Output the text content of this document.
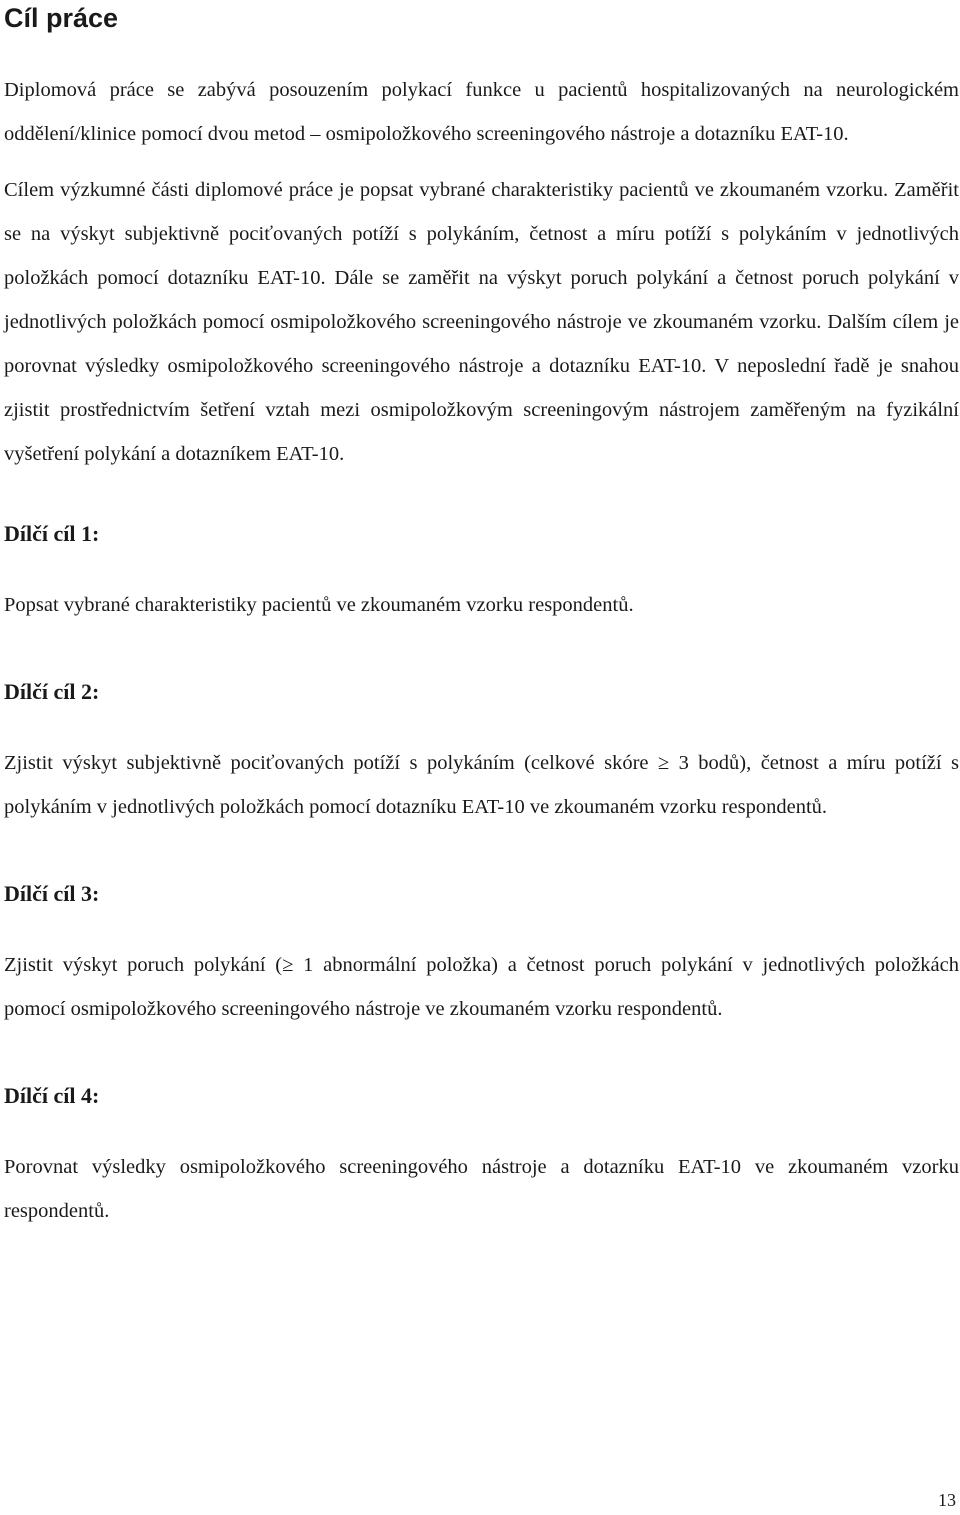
Cíl práce

Diplomová práce se zabývá posouzením polykací funkce u pacientů hospitalizovaných na neurologickém oddělení/klinice pomocí dvou metod – osmipoložkového screeningového nástroje a dotazníku EAT-10.

Cílem výzkumné části diplomové práce je popsat vybrané charakteristiky pacientů ve zkoumaném vzorku. Zaměřit se na výskyt subjektivně pociťovaných potíží s polykáním, četnost a míru potíží s polykáním v jednotlivých položkách pomocí dotazníku EAT-10. Dále se zaměřit na výskyt poruch polykání a četnost poruch polykání v jednotlivých položkách pomocí osmipoložkového screeningového nástroje ve zkoumaném vzorku. Dalším cílem je porovnat výsledky osmipoložkového screeningového nástroje a dotazníku EAT-10. V neposlední řadě je snahou zjistit prostřednictvím šetření vztah mezi osmipoložkovým screeningovým nástrojem zaměřeným na fyzikální vyšetření polykání a dotazníkem EAT-10.

Dílčí cíl 1:

Popsat vybrané charakteristiky pacientů ve zkoumaném vzorku respondentů.

Dílčí cíl 2:

Zjistit výskyt subjektivně pociťovaných potíží s polykáním (celkové skóre ≥ 3 bodů), četnost a míru potíží s polykáním v jednotlivých položkách pomocí dotazníku EAT-10 ve zkoumaném vzorku respondentů.

Dílčí cíl 3:

Zjistit výskyt poruch polykání (≥ 1 abnormální položka) a četnost poruch polykání v jednotlivých položkách pomocí osmipoložkového screeningového nástroje ve zkoumaném vzorku respondentů.

Dílčí cíl 4:

Porovnat výsledky osmipoložkového screeningového nástroje a dotazníku EAT-10 ve zkoumaném vzorku respondentů.

13
